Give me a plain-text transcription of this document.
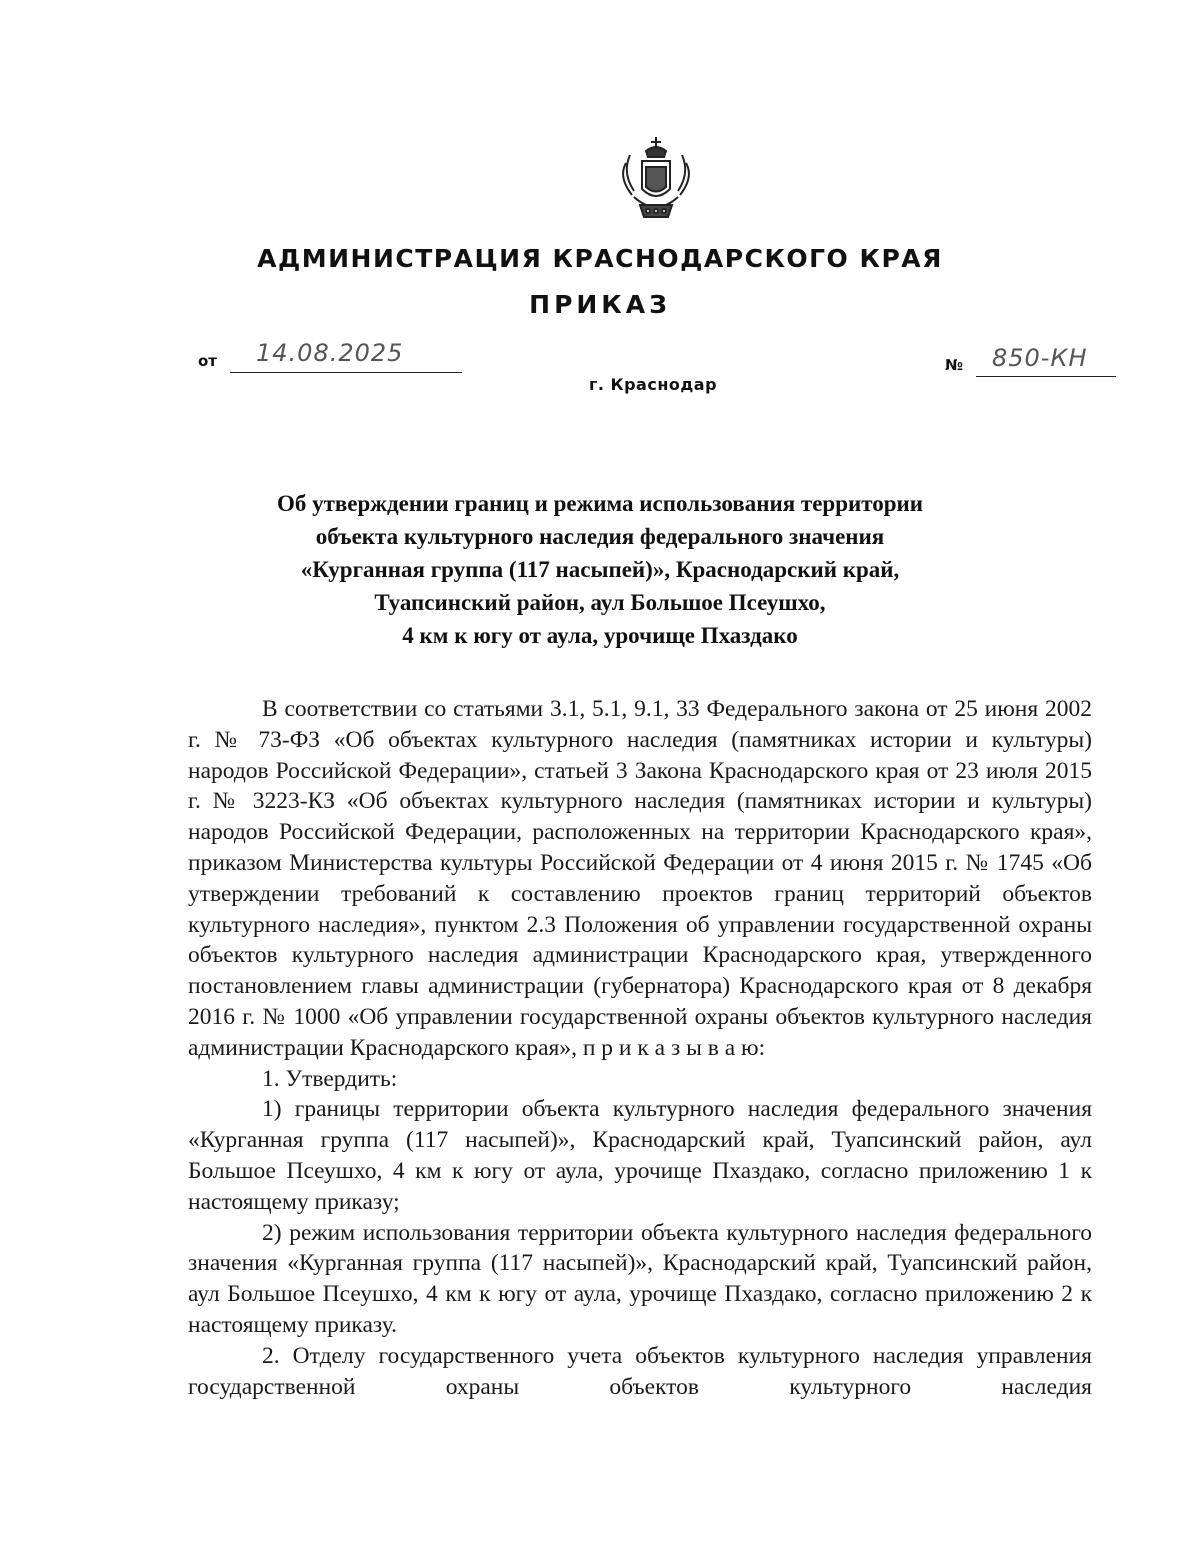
АДМИНИСТРАЦИЯ КРАСНОДАРСКОГО КРАЯ
ПРИКАЗ
от 14.08.2025	№ 850-КН
г. Краснодар
Об утверждении границ и режима использования территории
объекта культурного наследия федерального значения
«Курганная группа (117 насыпей)», Краснодарский край,
Туапсинский район, аул Большое Псеушхо,
4 км к югу от аула, урочище Пхаздако

В соответствии со статьями 3.1, 5.1, 9.1, 33 Федерального закона от 25 июня 2002 г. № 73-ФЗ «Об объектах культурного наследия (памятниках истории и культуры) народов Российской Федерации», статьей 3 Закона Краснодарского края от 23 июля 2015 г. № 3223-КЗ «Об объектах культурного наследия (памятниках истории и культуры) народов Российской Федерации, расположенных на территории Краснодарского края», приказом Министерства культуры Российской Федерации от 4 июня 2015 г. № 1745 «Об утверждении требований к составлению проектов границ территорий объектов культурного наследия», пунктом 2.3 Положения об управлении государственной охраны объектов культурного наследия администрации Краснодарского края, утвержденного постановлением главы администрации (губернатора) Краснодарского края от 8 декабря 2016 г. № 1000 «Об управлении государственной охраны объектов культурного наследия администрации Краснодарского края», п р и к а з ы в а ю:

1. Утвердить:

1) границы территории объекта культурного наследия федерального значения «Курганная группа (117 насыпей)», Краснодарский край, Туапсинский район, аул Большое Псеушхо, 4 км к югу от аула, урочище Пхаздако, согласно приложению 1 к настоящему приказу;

2) режим использования территории объекта культурного наследия федерального значения «Курганная группа (117 насыпей)», Краснодарский край, Туапсинский район, аул Большое Псеушхо, 4 км к югу от аула, урочище Пхаздако, согласно приложению 2 к настоящему приказу.

2. Отделу государственного учета объектов культурного наследия управления государственной охраны объектов культурного наследия
